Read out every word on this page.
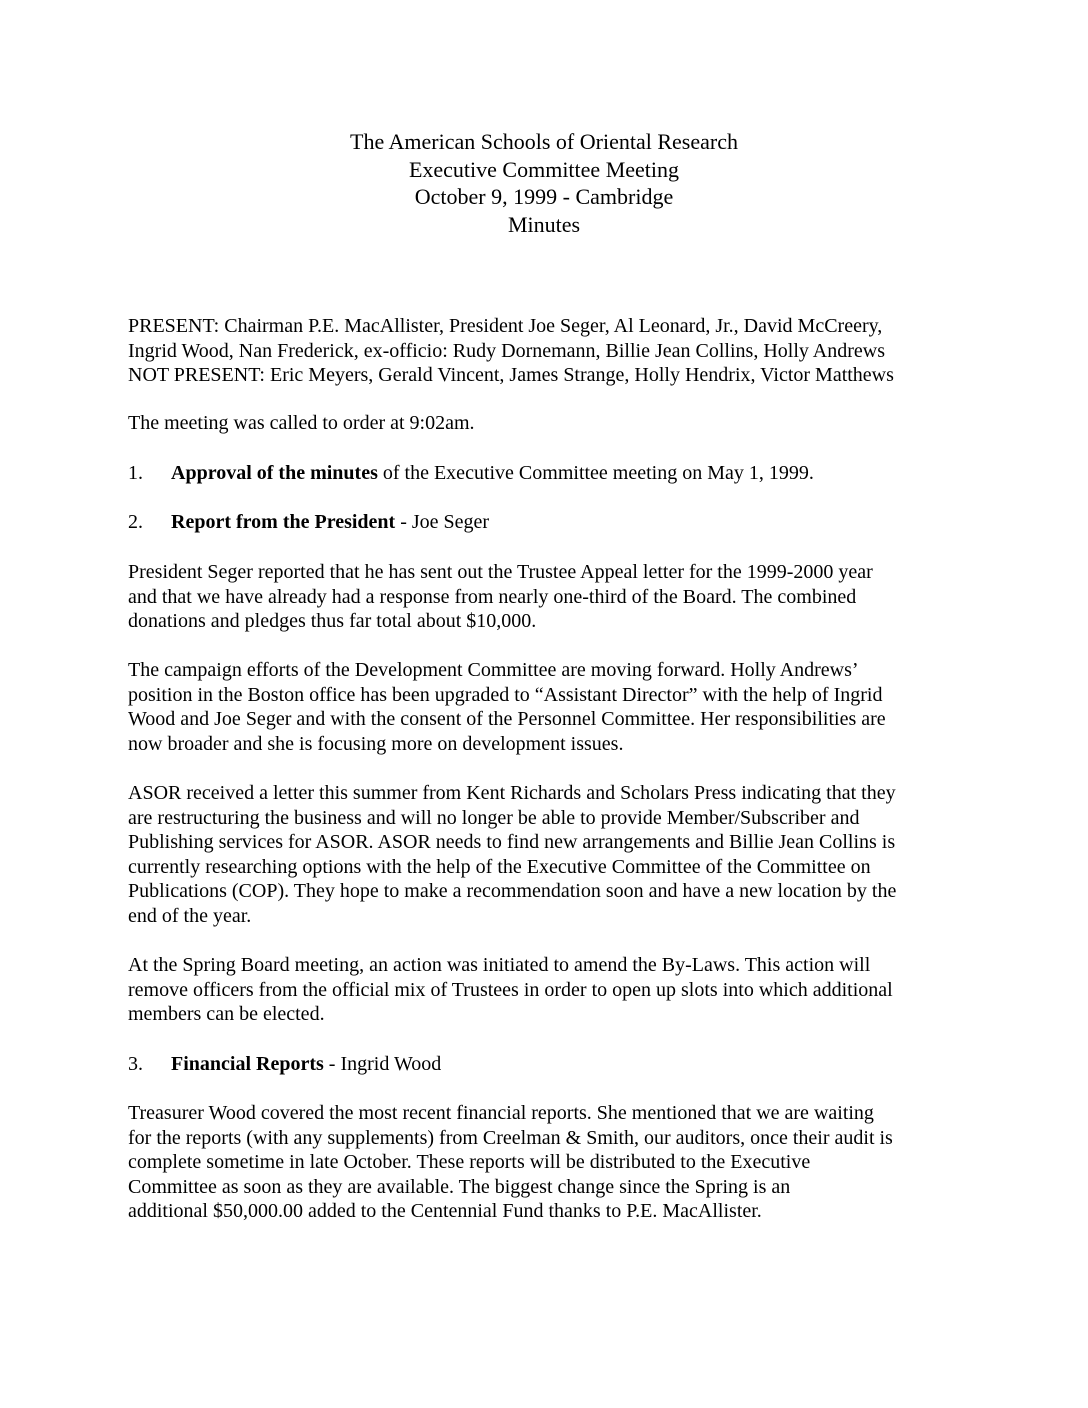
The American Schools of Oriental Research
Executive Committee Meeting
October 9, 1999 - Cambridge
Minutes
PRESENT: Chairman P.E. MacAllister, President Joe Seger, Al Leonard, Jr., David McCreery,
Ingrid Wood, Nan Frederick, ex-officio: Rudy Dornemann, Billie Jean Collins, Holly Andrews
NOT PRESENT: Eric Meyers, Gerald Vincent, James Strange, Holly Hendrix, Victor Matthews
The meeting was called to order at 9:02am.
1. Approval of the minutes of the Executive Committee meeting on May 1, 1999.
2. Report from the President - Joe Seger
President Seger reported that he has sent out the Trustee Appeal letter for the 1999-2000 year
and that we have already had a response from nearly one-third of the Board. The combined
donations and pledges thus far total about $10,000.
The campaign efforts of the Development Committee are moving forward. Holly Andrews’
position in the Boston office has been upgraded to “Assistant Director” with the help of Ingrid
Wood and Joe Seger and with the consent of the Personnel Committee. Her responsibilities are
now broader and she is focusing more on development issues.
ASOR received a letter this summer from Kent Richards and Scholars Press indicating that they
are restructuring the business and will no longer be able to provide Member/Subscriber and
Publishing services for ASOR. ASOR needs to find new arrangements and Billie Jean Collins is
currently researching options with the help of the Executive Committee of the Committee on
Publications (COP). They hope to make a recommendation soon and have a new location by the
end of the year.
At the Spring Board meeting, an action was initiated to amend the By-Laws. This action will
remove officers from the official mix of Trustees in order to open up slots into which additional
members can be elected.
3. Financial Reports - Ingrid Wood
Treasurer Wood covered the most recent financial reports. She mentioned that we are waiting
for the reports (with any supplements) from Creelman & Smith, our auditors, once their audit is
complete sometime in late October. These reports will be distributed to the Executive
Committee as soon as they are available. The biggest change since the Spring is an
additional $50,000.00 added to the Centennial Fund thanks to P.E. MacAllister.
